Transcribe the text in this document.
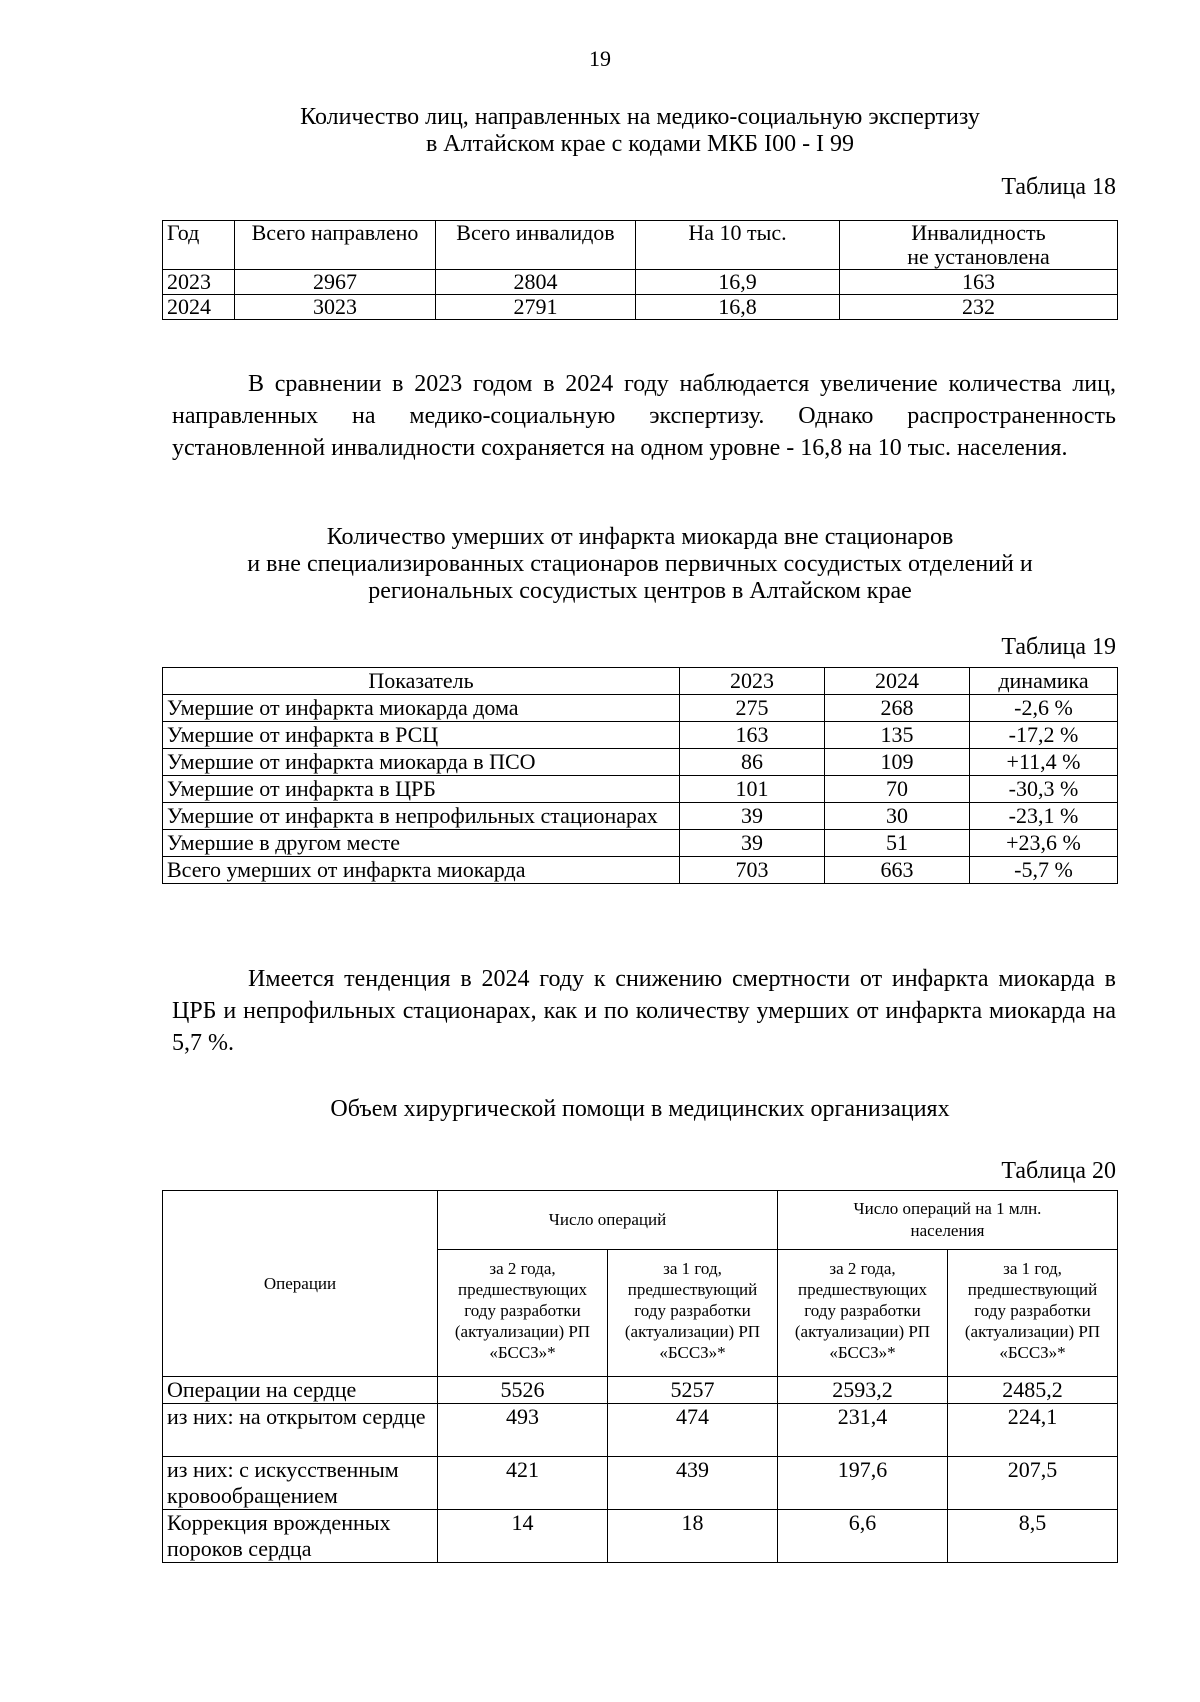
19
Количество лиц, направленных на медико-социальную экспертизу
в Алтайском крае с кодами МКБ I00 - I 99
Таблица 18
Год	Всего направлено	Всего инвалидов	На 10 тыс.	Инвалидность
не установлена

2023	2967	2804	16,9	163
2024	3023	2791	16,8	232
В сравнении в 2023 годом в 2024 году наблюдается увеличение количества лиц, направленных на медико-социальную экспертизу. Однако распространенность установленной инвалидности сохраняется на одном уровне - 16,8 на 10 тыс. населения.
Количество умерших от инфаркта миокарда вне стационаров
и вне специализированных стационаров первичных сосудистых отделений и
региональных сосудистых центров в Алтайском крае
Таблица 19
Показатель	2023	2024	динамика
Умершие от инфаркта миокарда дома	275	268	-2,6 %
Умершие от инфаркта в РСЦ	163	135	-17,2 %
Умершие от инфаркта миокарда в ПСО	86	109	+11,4 %
Умершие от инфаркта в ЦРБ	101	70	-30,3 %
Умершие от инфаркта в непрофильных стационарах	39	30	-23,1 %
Умершие в другом месте	39	51	+23,6 %
Всего умерших от инфаркта миокарда	703	663	-5,7 %
Имеется тенденция в 2024 году к снижению смертности от инфаркта миокарда в ЦРБ и непрофильных стационарах, как и по количеству умерших от инфаркта миокарда на 5,7 %.
Объем хирургической помощи в медицинских организациях
Таблица 20
Операции	Число операций		Число операций на 1 млн. населения	
	за 2 года, предшествующих году разработки (актуализации) РП «БССЗ»*	за 1 год, предшествующий году разработки (актуализации) РП «БССЗ»*	за 2 года, предшествующих году разработки (актуализации) РП «БССЗ»*	за 1 год, предшествующий году разработки (актуализации) РП «БССЗ»*
Операции на сердце	5526	5257	2593,2	2485,2
из них: на открытом сердце	493	474	231,4	224,1
из них: с искусственным кровообращением	421	439	197,6	207,5
Коррекция врожденных пороков сердца	14	18	6,6	8,5
